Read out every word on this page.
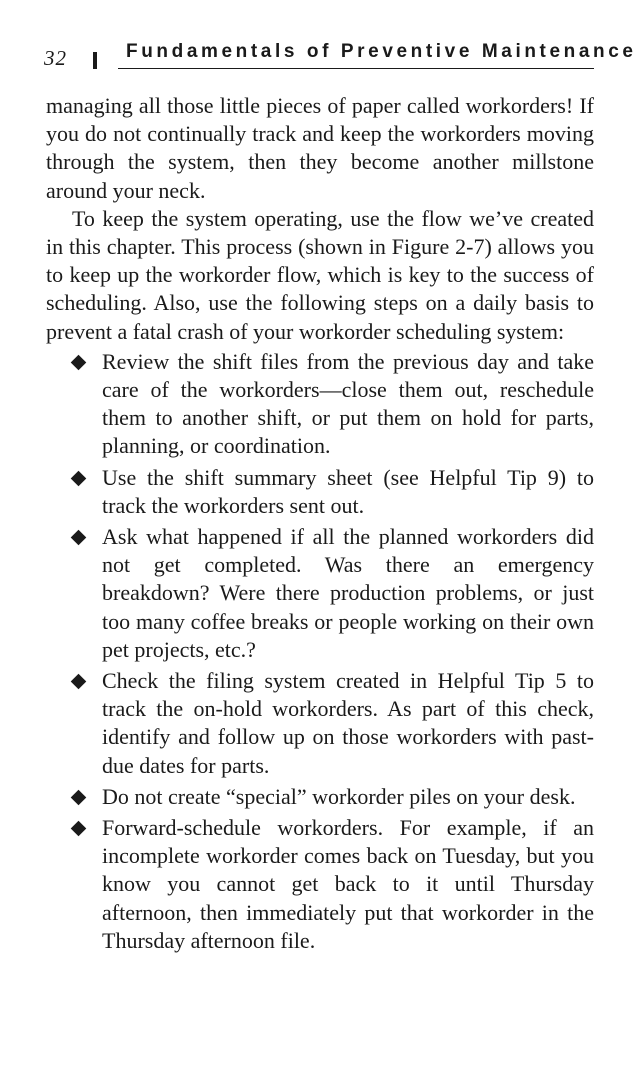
32	Fundamentals of Preventive Maintenance

managing all those little pieces of paper called workorders! If you do not continually track and keep the workorders moving through the system, then they become another millstone around your neck.

To keep the system operating, use the flow we’ve created in this chapter. This process (shown in Figure 2-7) allows you to keep up the workorder flow, which is key to the success of scheduling. Also, use the following steps on a daily basis to prevent a fatal crash of your workorder scheduling system:

Review the shift files from the previous day and take care of the workorders—close them out, reschedule them to another shift, or put them on hold for parts, planning, or coordination.
Use the shift summary sheet (see Helpful Tip 9) to track the workorders sent out.
Ask what happened if all the planned workorders did not get completed. Was there an emergency breakdown? Were there production problems, or just too many coffee breaks or people working on their own pet projects, etc.?
Check the filing system created in Helpful Tip 5 to track the on-hold workorders. As part of this check, identify and follow up on those workorders with past-due dates for parts.
Do not create “special” workorder piles on your desk.
Forward-schedule workorders. For example, if an incomplete workorder comes back on Tuesday, but you know you cannot get back to it until Thursday afternoon, then immediately put that workorder in the Thursday afternoon file.
